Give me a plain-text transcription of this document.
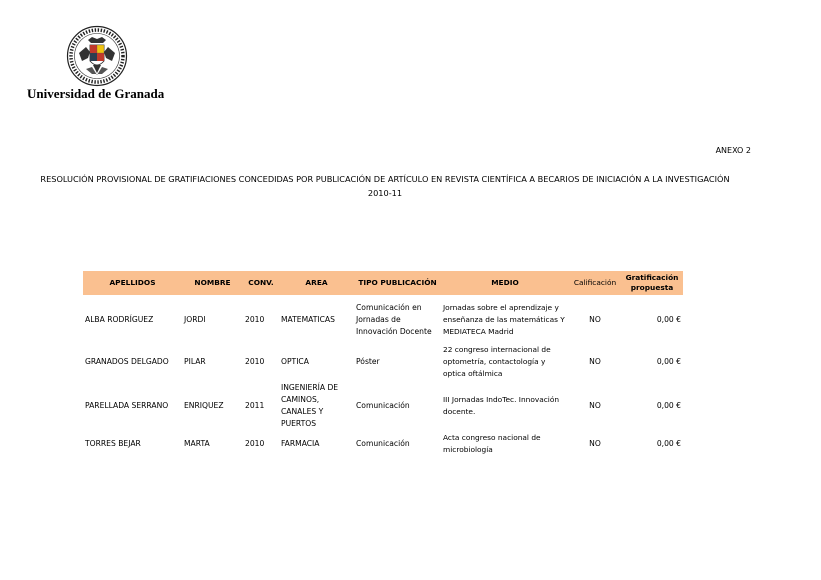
Universidad de Granada
ANEXO 2
RESOLUCIÓN PROVISIONAL DE GRATIFIACIONES CONCEDIDAS POR PUBLICACIÓN DE ARTÍCULO EN REVISTA CIENTÍFICA A BECARIOS DE INICIACIÓN A LA INVESTIGACIÓN
2010-11
APELLIDOS	NOMBRE	CONV.	AREA	TIPO PUBLICACIÓN	MEDIO	Calificación	Gratificación propuesta
ALBA RODRÍGUEZ	JORDI	2010	MATEMATICAS	Comunicación en Jornadas de Innovación Docente	Jornadas sobre el aprendizaje y enseñanza de las matemáticas Y MEDIATECA Madrid	NO	0,00 €
GRANADOS DELGADO	PILAR	2010	OPTICA	Póster	22 congreso internacional de optometría, contactología y optica oftálmica	NO	0,00 €
PARELLADA SERRANO	ENRIQUEZ	2011	INGENIERÍA DE CAMINOS, CANALES Y PUERTOS	Comunicación	III Jornadas IndoTec. Innovación docente.	NO	0,00 €
TORRES BEJAR	MARTA	2010	FARMACIA	Comunicación	Acta congreso nacional de microbiología	NO	0,00 €
